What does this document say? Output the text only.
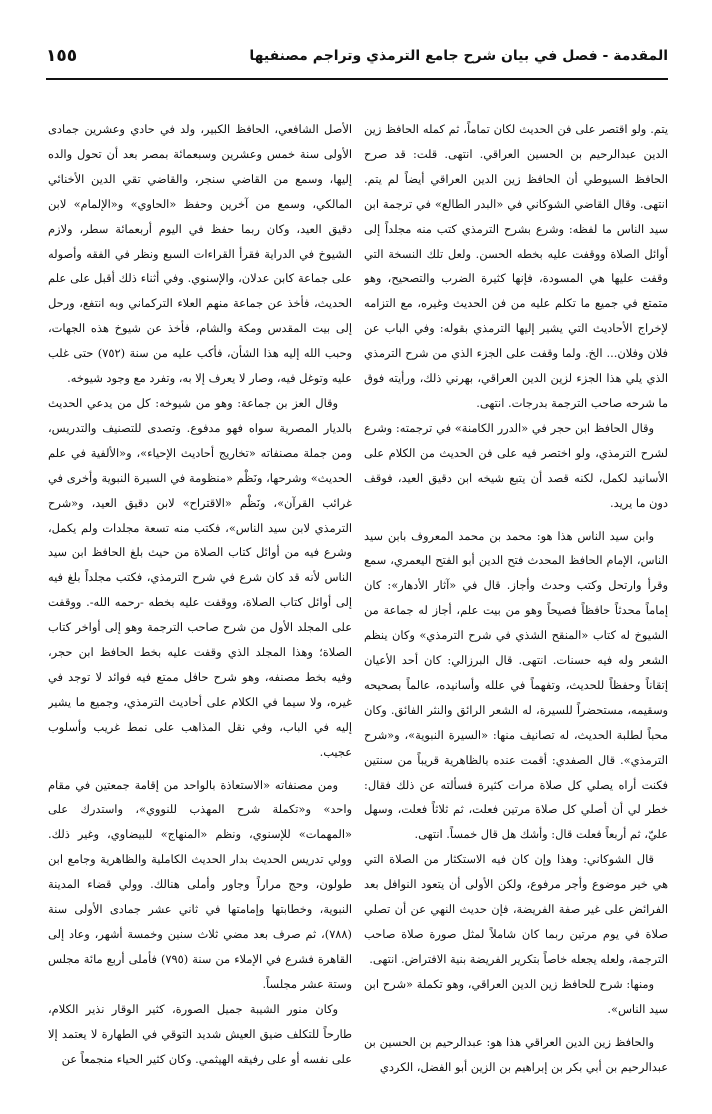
المقدمة - فصل في بيان شرح جامع الترمذي وتراجم مصنفيها
١٥٥

يتم. ولو اقتصر على فن الحديث لكان تماماً، ثم كمله الحافظ زين الدين عبدالرحيم بن الحسين العراقي. انتهى. قلت: قد صرح الحافظ السيوطي أن الحافظ زين الدين العراقي أيضاً لم يتم. انتهى. وقال القاضي الشوكاني في «البدر الطالع» في ترجمة ابن سيد الناس ما لفظه: وشرع بشرح الترمذي كتب منه مجلداً إلى أوائل الصلاة ووقفت عليه بخطه الحسن. ولعل تلك النسخة التي وقفت عليها هي المسودة، فإنها كثيرة الضرب والتصحيح، وهو متمتع في جميع ما تكلم عليه من فن الحديث وغيره، مع التزامه لإخراج الأحاديث التي يشير إليها الترمذي بقوله: وفي الباب عن فلان وفلان... الخ. ولما وقفت على الجزء الذي من شرح الترمذي الذي يلي هذا الجزء لزين الدين العراقي، بهرني ذلك، ورأيته فوق ما شرحه صاحب الترجمة بدرجات. انتهى.

وقال الحافظ ابن حجر في «الدرر الكامنة» في ترجمته: وشرع لشرح الترمذي، ولو اختصر فيه على فن الحديث من الكلام على الأسانيد لكمل، لكنه قصد أن يتبع شيخه ابن دقيق العيد، فوقف دون ما يريد.

وابن سيد الناس هذا هو: محمد بن محمد المعروف بابن سيد الناس، الإمام الحافظ المحدث فتح الدين أبو الفتح اليعمري، سمع وقرأ وارتحل وكتب وحدث وأجاز. قال في «آثار الأدهار»: كان إماماً محدثاً حافظاً فصيحاً وهو من بيت علم، أجاز له جماعة من الشيوخ له كتاب «المنقح الشذي في شرح الترمذي» وكان ينظم الشعر وله فيه حسنات. انتهى. قال البرزالي: كان أحد الأعيان إتقاناً وحفظاً للحديث، وتفهماً في علله وأسانيده، عالماً بصحيحه وسقيمه، مستحضراً للسيرة، له الشعر الرائق والنثر الفائق. وكان محباً لطلبة الحديث، له تصانيف منها: «السيرة النبوية»، و«شرح الترمذي». قال الصفدي: أقمت عنده بالظاهرية قريباً من سنتين فكنت أراه يصلي كل صلاة مرات كثيرة فسألته عن ذلك فقال: خطر لي أن أصلي كل صلاة مرتين فعلت، ثم ثلاثاً فعلت، وسهل عليّ، ثم أربعاً فعلت قال: وأشك هل قال خمساً. انتهى.

قال الشوكاني: وهذا وإن كان فيه الاستكثار من الصلاة التي هي خير موضوع وأجر مرفوع، ولكن الأولى أن يتعود النوافل بعد الفرائض على غير صفة الفريضة، فإن حديث النهي عن أن تصلي صلاة في يوم مرتين ربما كان شاملاً لمثل صورة صلاة صاحب الترجمة، ولعله يجعله خاصاً بتكرير الفريضة بنية الافتراض. انتهى.

ومنها: شرح للحافظ زين الدين العراقي، وهو تكملة «شرح ابن سيد الناس».

والحافظ زين الدين العراقي هذا هو: عبدالرحيم بن الحسين بن عبدالرحيم بن أبي بكر بن إبراهيم بن الزين أبو الفضل، الكردي

الأصل الشافعي، الحافظ الكبير، ولد في حادي وعشرين جمادى الأولى سنة خمس وعشرين وسبعمائة بمصر بعد أن تحول والده إليها، وسمع من القاضي سنجر، والقاضي تقي الدين الأخنائي المالكي، وسمع من آخرين وحفظ «الحاوي» و«الإلمام» لابن دقيق العيد، وكان ربما حفظ في اليوم أربعمائة سطر، ولازم الشيوخ في الدراية فقرأ القراءات السبع ونظر في الفقه وأصوله على جماعة كابن عدلان، والإسنوي. وفي أثناء ذلك أقبل على علم الحديث، فأخذ عن جماعة منهم العلاء التركماني وبه انتفع، ورحل إلى بيت المقدس ومكة والشام، فأخذ عن شيوخ هذه الجهات، وحبب الله إليه هذا الشأن، فأكب عليه من سنة (٧٥٢) حتى غلب عليه وتوغل فيه، وصار لا يعرف إلا به، وتفرد مع وجود شيوخه.

وقال العز بن جماعة: وهو من شيوخه: كل من يدعي الحديث بالديار المصرية سواه فهو مدفوع. وتصدى للتصنيف والتدريس، ومن جملة مصنفاته «تخاريج أحاديث الإحياء»، و«الألفية في علم الحديث» وشرحها، ونَظْم «منظومة في السيرة النبوية وأخرى في غرائب القرآن»، ونَظْم «الاقتراح» لابن دقيق العيد، و«شرح الترمذي لابن سيد الناس»، فكتب منه تسعة مجلدات ولم يكمل، وشرع فيه من أوائل كتاب الصلاة من حيث بلغ الحافظ ابن سيد الناس لأنه قد كان شرع في شرح الترمذي، فكتب مجلداً بلغ فيه إلى أوائل كتاب الصلاة، ووقفت عليه بخطه -رحمه الله-. ووقفت على المجلد الأول من شرح صاحب الترجمة وهو إلى أواخر كتاب الصلاة؛ وهذا المجلد الذي وقفت عليه بخط الحافظ ابن حجر، وفيه بخط مصنفه، وهو شرح حافل ممتع فيه فوائد لا توجد في غيره، ولا سيما في الكلام على أحاديث الترمذي، وجميع ما يشير إليه في الباب، وفي نقل المذاهب على نمط غريب وأسلوب عجيب.

ومن مصنفاته «الاستعاذة بالواحد من إقامة جمعتين في مقام واحد» و«تكملة شرح المهذب للنووي»، واستدرك على «المهمات» للإسنوي، ونظم «المنهاج» للبيضاوي، وغير ذلك. وولي تدريس الحديث بدار الحديث الكاملية والظاهرية وجامع ابن طولون، وحج مراراً وجاور وأملى هنالك. وولي قضاء المدينة النبوية، وخطابتها وإمامتها في ثاني عشر جمادى الأولى سنة (٧٨٨)، ثم صرف بعد مضي ثلاث سنين وخمسة أشهر، وعاد إلى القاهرة فشرع في الإملاء من سنة (٧٩٥) فأملى أربع مائة مجلس وستة عشر مجلساً.

وكان منور الشيبة جميل الصورة، كثير الوقار نذير الكلام، طارحاً للتكلف ضيق العيش شديد التوقي في الطهارة لا يعتمد إلا على نفسه أو على رفيقه الهيثمي. وكان كثير الحياء منجمعاً عن
